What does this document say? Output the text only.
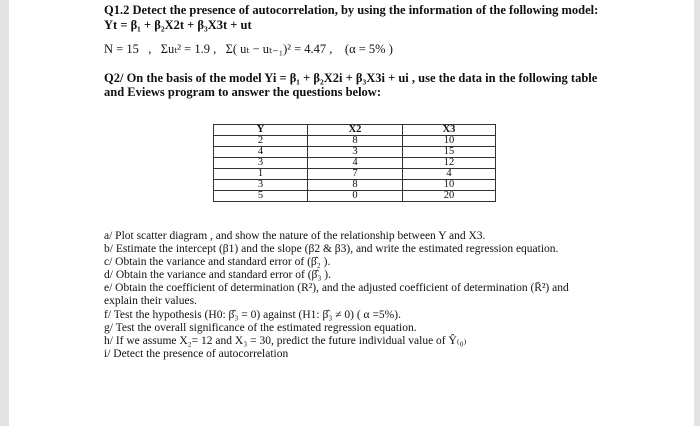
Q1.2 Detect the presence of autocorrelation, by using the information of the following model:
Yt = β₁ + β₂X2t + β₃X3t + ut
N = 15   ,   Σuₜ² = 1.9 ,   Σ( uₜ − uₜ₋₁)² = 4.47 ,    (α = 5% )
Q2/ On the basis of the model Yi = β₁ + β₂X2i + β₃X3i + ui , use the data in the following table and Eviews program to answer the questions below:
Y	X2	X3
2	8	10
4	3	15
3	4	12
1	7	4
3	8	10
5	0	20
a/ Plot scatter diagram , and show the nature of the relationship between Y and X3.
b/ Estimate the intercept (β1) and the slope (β2 & β3), and write the estimated regression equation.
c/ Obtain the variance and standard error of (β̂₂ ).
d/ Obtain the variance and standard error of (β̂₃ ).
e/ Obtain the coefficient of determination (R²), and the adjusted coefficient of determination (R̄²) and explain their values.
f/ Test the hypothesis (H0: β̂₃ = 0) against (H1: β̂₃ ≠ 0) ( α =5%).
g/ Test the overall significance of the estimated regression equation.
h/ If we assume X₂= 12 and X₃ = 30, predict the future individual value of Ŷ₍₀₎
i/ Detect the presence of autocorrelation
